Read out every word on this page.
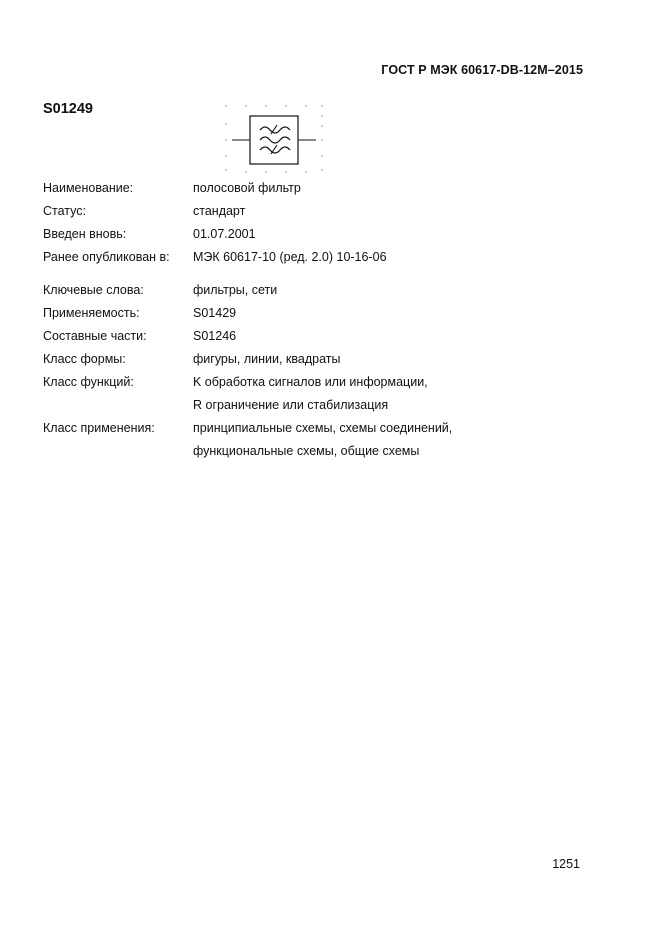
ГОСТ Р МЭК 60617-DB-12M–2015
S01249
Наименование:	полосовой фильтр
Статус:	стандарт
Введен вновь:	01.07.2001
Ранее опубликован в:	МЭК 60617-10 (ред. 2.0) 10-16-06
Ключевые слова:	фильтры, сети
Применяемость:	S01429
Составные части:	S01246
Класс формы:	фигуры, линии, квадраты
Класс функций:	K обработка сигналов или информации,
R ограничение или стабилизация
Класс применения:	принципиальные схемы, схемы соединений,
функциональные схемы, общие схемы
1251
